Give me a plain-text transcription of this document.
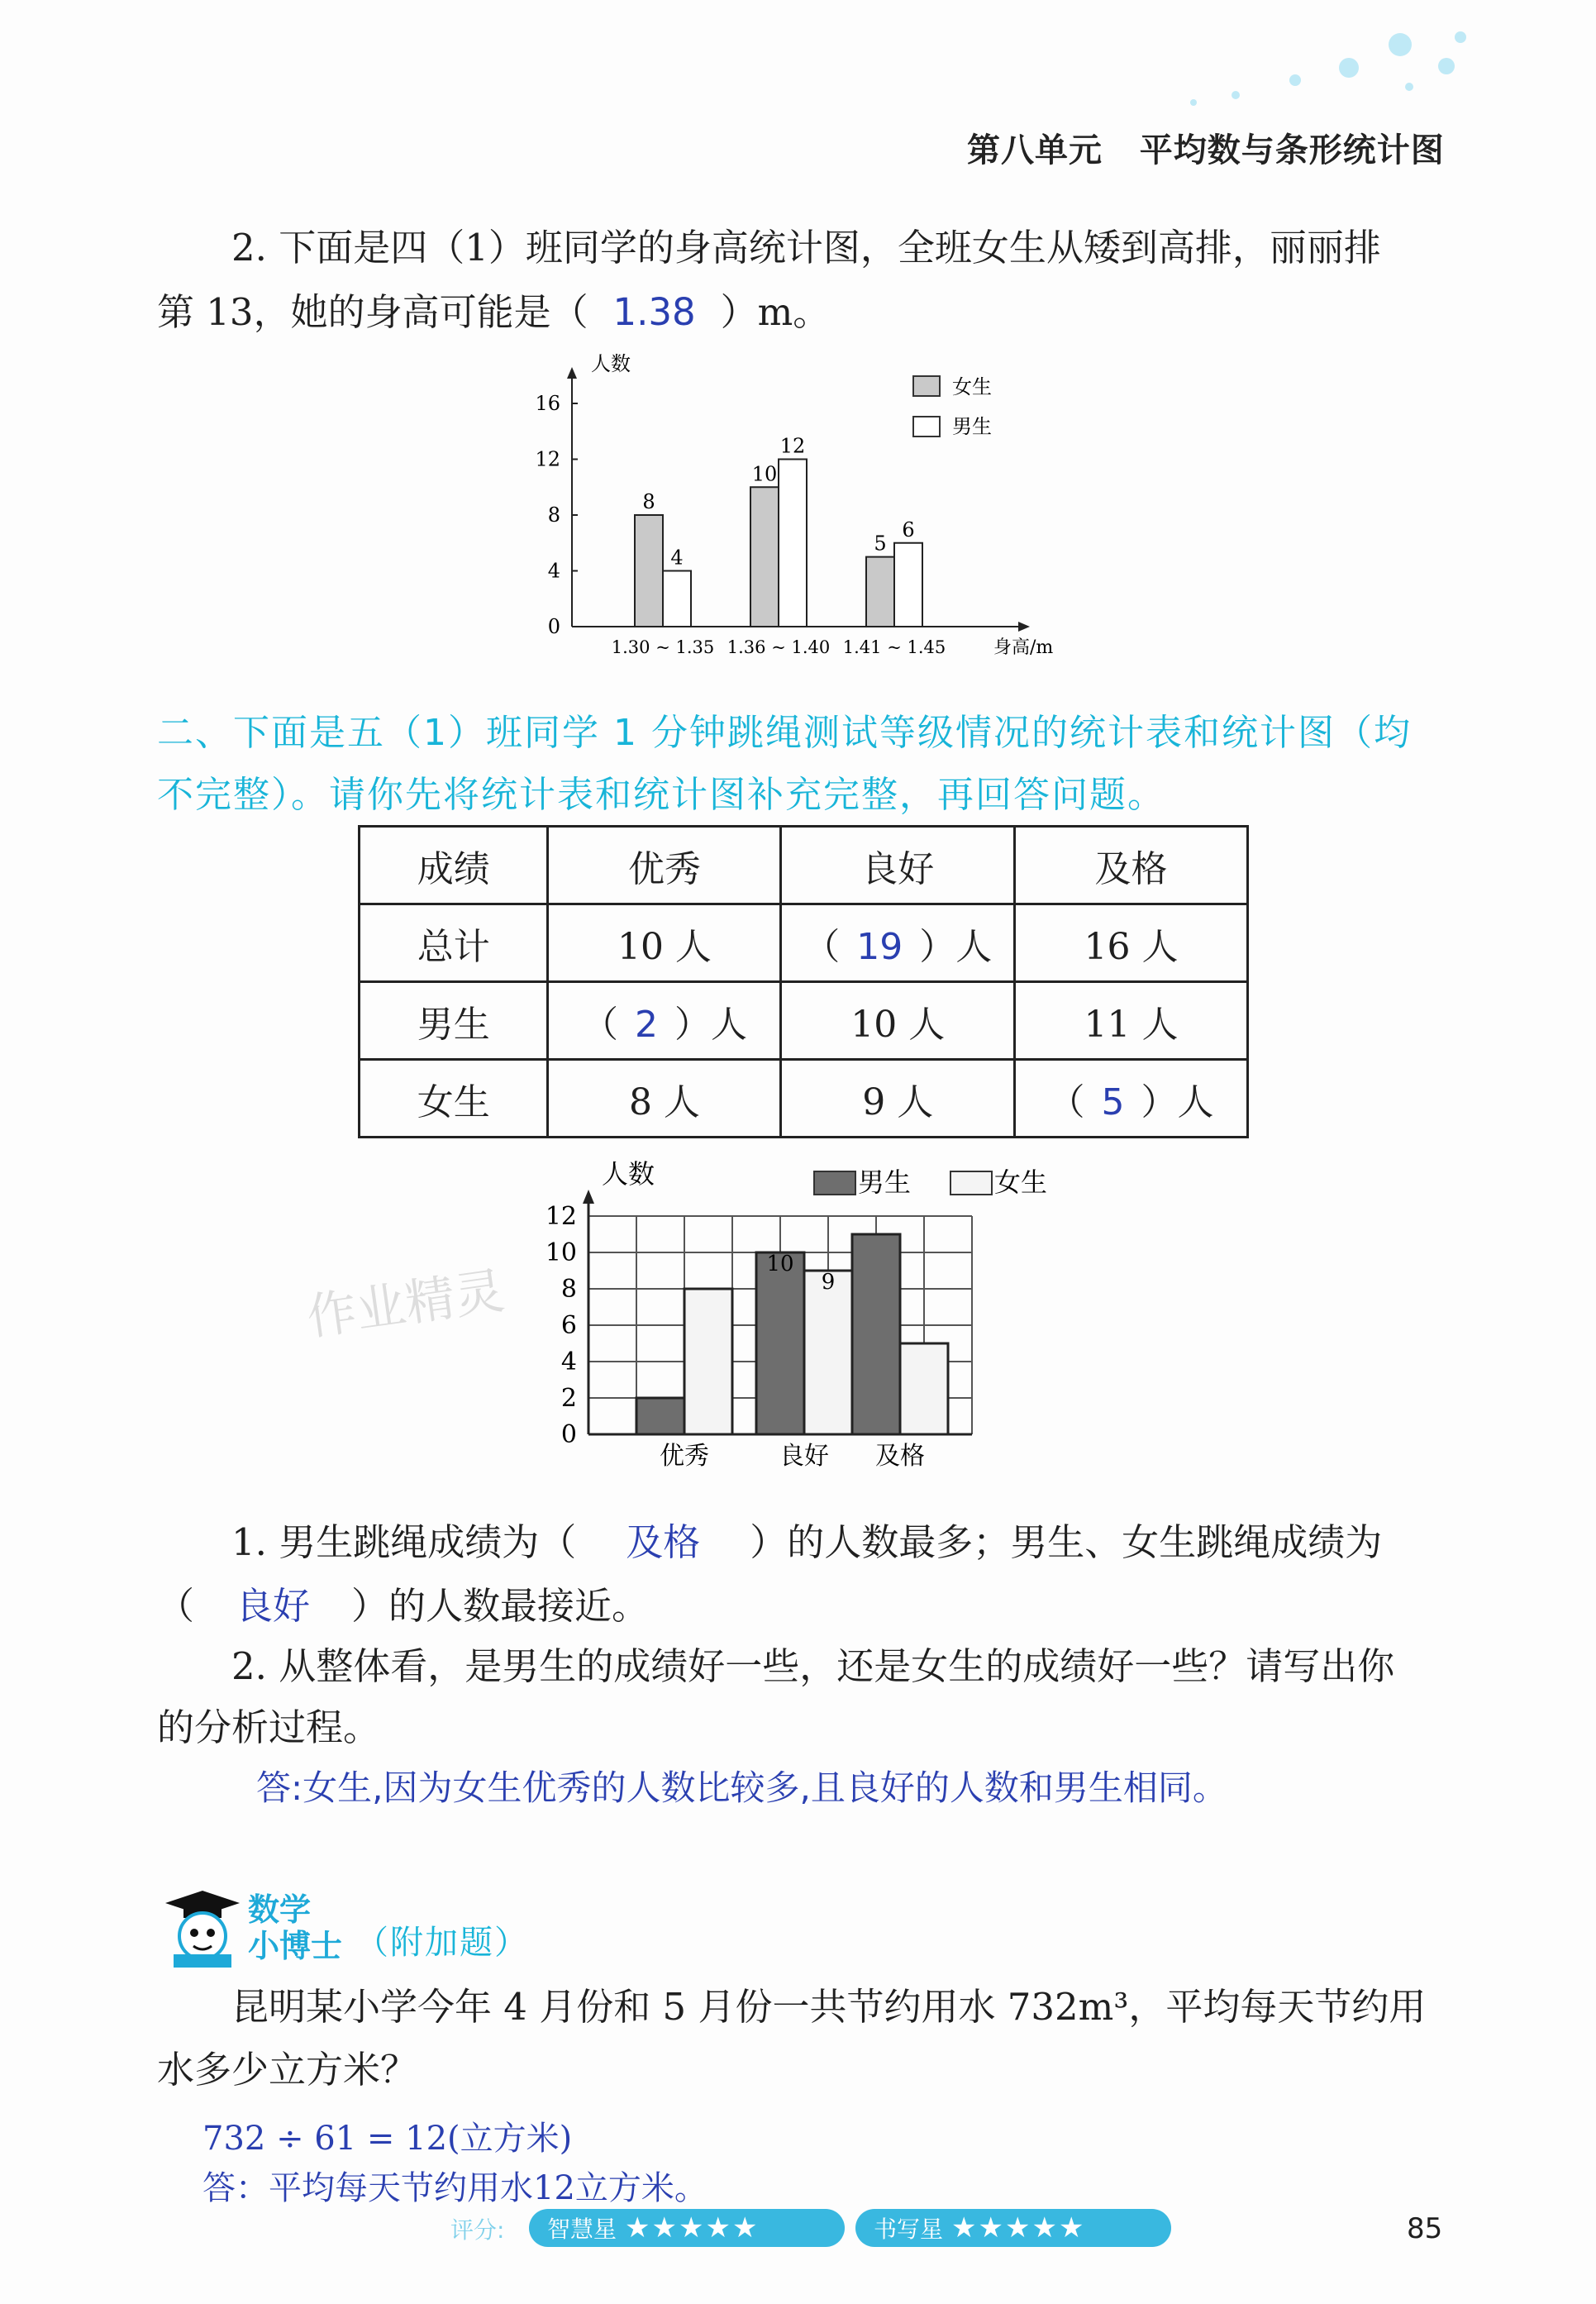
第八单元 平均数与条形统计图
2. 下面是四（1）班同学的身高统计图，全班女生从矮到高排，丽丽排
第 13，她的身高可能是（ 1.38 ）m。
0
4
8
12
16
8
4
1.30 ~ 1.35
10
12
1.36 ~ 1.40
5
6
1.41 ~ 1.45
人数
身高/m
女生
男生
二、下面是五（1）班同学 1 分钟跳绳测试等级情况的统计表和统计图（均
不完整）。请你先将统计表和统计图补充完整，再回答问题。
成绩	优秀	良好	及格
总计	10 人	（ 19 ）人	16 人
男生	（ 2 ）人	10 人	11 人
女生	8 人	9 人	（ 5 ）人
作业精灵
0
2
4
6
8
10
12
优秀
10
9
良好 及格
人数	男生	女生
1. 男生跳绳成绩为（ 及格 ）的人数最多；男生、女生跳绳成绩为
（ 良好 ）的人数最接近。
2. 从整体看，是男生的成绩好一些，还是女生的成绩好一些？请写出你
的分析过程。
答:女生,因为女生优秀的人数比较多,且良好的人数和男生相同。
数学
小博士 （附加题）
昆明某小学今年 4 月份和 5 月份一共节约用水 732m³，平均每天节约用
水多少立方米？
732 ÷ 61 = 12(立方米)
答：平均每天节约用水12立方米。
评分:	智慧星 ★★★★★	书写星 ★★★★★	85
